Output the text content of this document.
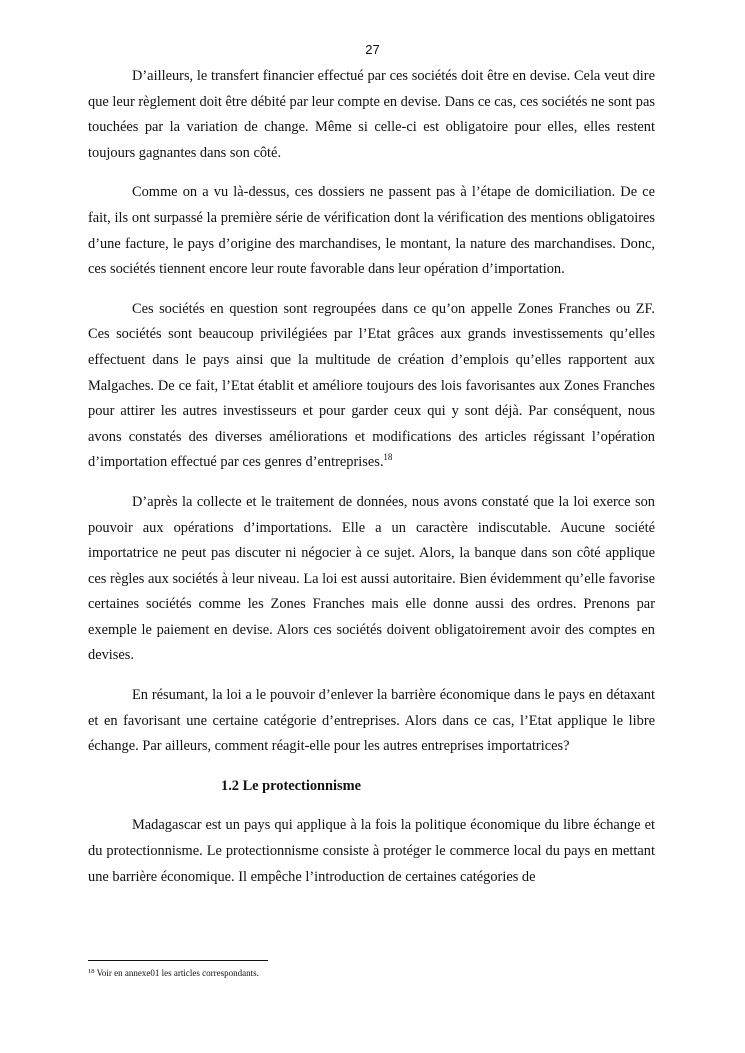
27

D’ailleurs, le transfert financier effectué par ces sociétés doit être en devise. Cela veut dire que leur règlement doit être débité par leur compte en devise. Dans ce cas, ces sociétés ne sont pas touchées par la variation de change. Même si celle-ci est obligatoire pour elles, elles restent toujours gagnantes dans son côté.

Comme on a vu là-dessus, ces dossiers ne passent pas à l’étape de domiciliation. De ce fait, ils ont surpassé la première série de vérification dont la vérification des mentions obligatoires d’une facture, le pays d’origine des marchandises, le montant, la nature des marchandises. Donc, ces sociétés tiennent encore leur route favorable dans leur opération d’importation.

Ces sociétés en question sont regroupées dans ce qu’on appelle Zones Franches ou ZF. Ces sociétés sont beaucoup privilégiées par l’Etat grâces aux grands investissements qu’elles effectuent dans le pays ainsi que la multitude de création d’emplois qu’elles rapportent aux Malgaches. De ce fait, l’Etat établit et améliore toujours des lois favorisantes aux Zones Franches pour attirer les autres investisseurs et pour garder ceux qui y sont déjà. Par conséquent, nous avons constatés des diverses améliorations et modifications des articles régissant l’opération d’importation effectué par ces genres d’entreprises.$^{18}$

D’après la collecte et le traitement de données, nous avons constaté que la loi exerce son pouvoir aux opérations d’importations. Elle a un caractère indiscutable. Aucune société importatrice ne peut pas discuter ni négocier à ce sujet. Alors, la banque dans son côté applique ces règles aux sociétés à leur niveau. La loi est aussi autoritaire. Bien évidemment qu’elle favorise certaines sociétés comme les Zones Franches mais elle donne aussi des ordres. Prenons par exemple le paiement en devise. Alors ces sociétés doivent obligatoirement avoir des comptes en devises.

En résumant, la loi a le pouvoir d’enlever la barrière économique dans le pays en détaxant et en favorisant une certaine catégorie d’entreprises. Alors dans ce cas, l’Etat applique le libre échange. Par ailleurs, comment réagit-elle pour les autres entreprises importatrices?

1.2 Le protectionnisme

Madagascar est un pays qui applique à la fois la politique économique du libre échange et du protectionnisme. Le protectionnisme consiste à protéger le commerce local du pays en mettant une barrière économique. Il empêche l’introduction de certaines catégories de

$^{18}$ Voir en annexe01 les articles correspondants.
